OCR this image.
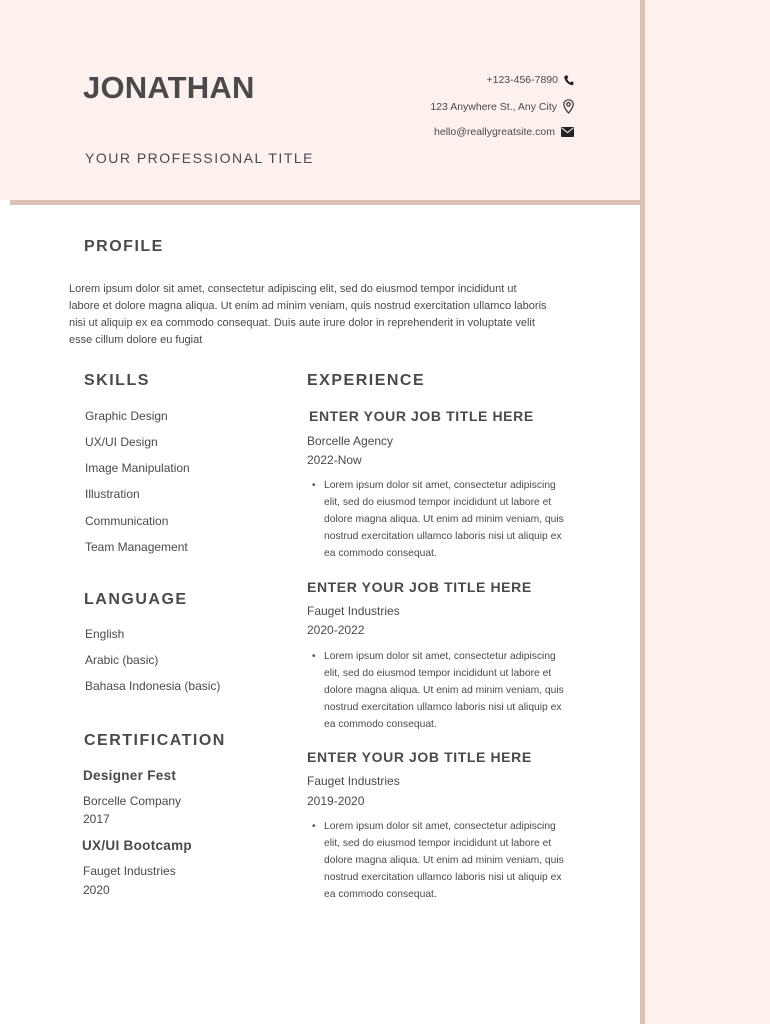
JONATHAN
YOUR PROFESSIONAL TITLE
+123-456-7890
123 Anywhere St., Any City
hello@reallygreatsite.com
PROFILE
Lorem ipsum dolor sit amet, consectetur adipiscing elit, sed do eiusmod tempor incididunt ut labore et dolore magna aliqua. Ut enim ad minim veniam, quis nostrud exercitation ullamco laboris nisi ut aliquip ex ea commodo consequat. Duis aute irure dolor in reprehenderit in voluptate velit esse cillum dolore eu fugiat
SKILLS
Graphic Design
UX/UI Design
Image Manipulation
Illustration
Communication
Team Management
LANGUAGE
English
Arabic (basic)
Bahasa Indonesia (basic)
CERTIFICATION
Designer Fest
Borcelle Company
2017
UX/UI Bootcamp
Fauget Industries
2020
EXPERIENCE
ENTER YOUR JOB TITLE HERE
Borcelle Agency
2022-Now
• Lorem ipsum dolor sit amet, consectetur adipiscing elit, sed do eiusmod tempor incididunt ut labore et dolore magna aliqua. Ut enim ad minim veniam, quis nostrud exercitation ullamco laboris nisi ut aliquip ex ea commodo consequat.
ENTER YOUR JOB TITLE HERE
Fauget Industries
2020-2022
• Lorem ipsum dolor sit amet, consectetur adipiscing elit, sed do eiusmod tempor incididunt ut labore et dolore magna aliqua. Ut enim ad minim veniam, quis nostrud exercitation ullamco laboris nisi ut aliquip ex ea commodo consequat.
ENTER YOUR JOB TITLE HERE
Fauget Industries
2019-2020
• Lorem ipsum dolor sit amet, consectetur adipiscing elit, sed do eiusmod tempor incididunt ut labore et dolore magna aliqua. Ut enim ad minim veniam, quis nostrud exercitation ullamco laboris nisi ut aliquip ex ea commodo consequat.
